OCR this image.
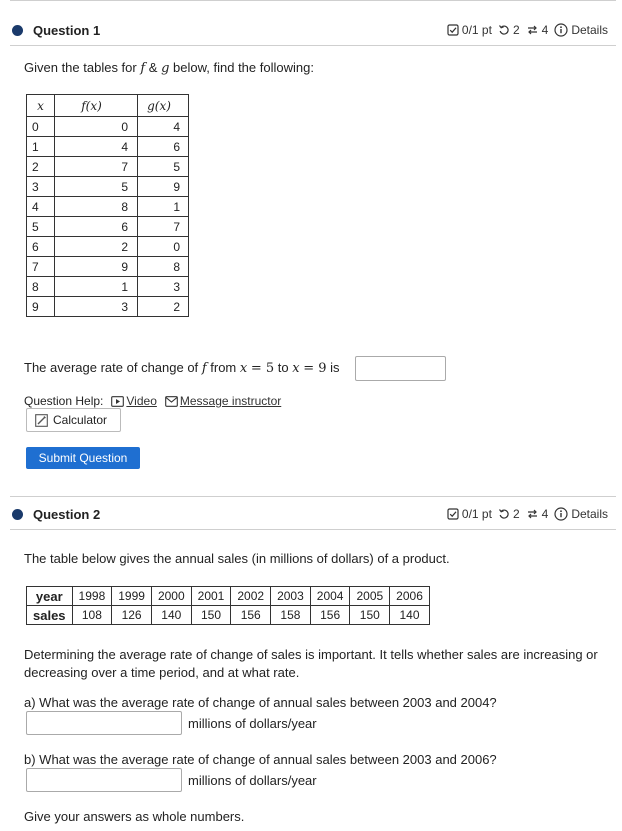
Question 1	0/1 pt 2 4 Details
Given the tables for f & g below, find the following:
x	f(x)	g(x)
0	0	4
1	4	6
2	7	5
3	5	9
4	8	1
5	6	7
6	2	0
7	9	8
8	1	3
9	3	2
The average rate of change of f from x = 5 to x = 9 is
Question Help: Video Message instructor
Calculator
Submit Question
Question 2	0/1 pt 2 4 Details
The table below gives the annual sales (in millions of dollars) of a product.
year	1998	1999	2000	2001	2002	2003	2004	2005	2006
sales	108	126	140	150	156	158	156	150	140
Determining the average rate of change of sales is important. It tells whether sales are increasing or
decreasing over a time period, and at what rate.
a) What was the average rate of change of annual sales between 2003 and 2004?
millions of dollars/year
b) What was the average rate of change of annual sales between 2003 and 2006?
millions of dollars/year
Give your answers as whole numbers.
